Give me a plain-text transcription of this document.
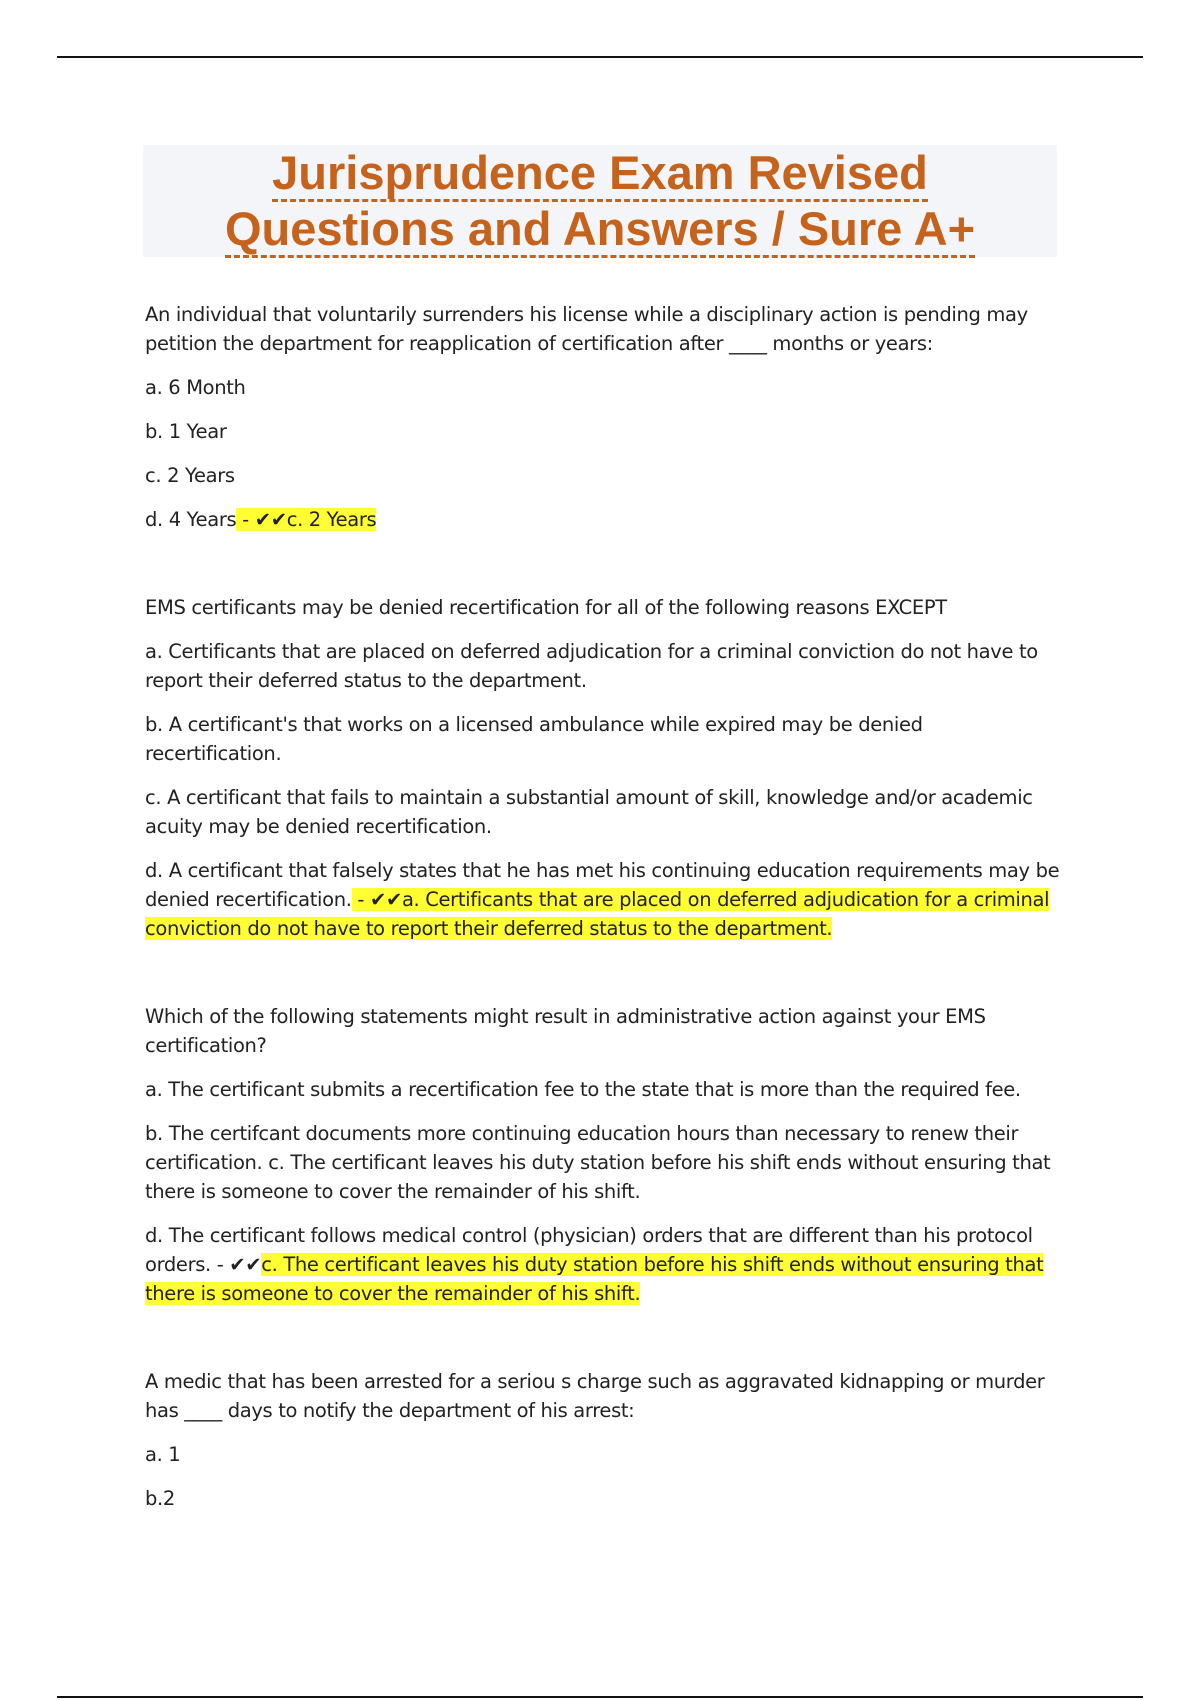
Jurisprudence Exam Revised
Questions and Answers / Sure A+

An individual that voluntarily surrenders his license while a disciplinary action is pending may petition the department for reapplication of certification after ____ months or years:

a. 6 Month

b. 1 Year

c. 2 Years

d. 4 Years - ✔✔c. 2 Years

EMS certificants may be denied recertification for all of the following reasons EXCEPT

a. Certificants that are placed on deferred adjudication for a criminal conviction do not have to report their deferred status to the department.

b. A certificant's that works on a licensed ambulance while expired may be denied recertification.

c. A certificant that fails to maintain a substantial amount of skill, knowledge and/or academic acuity may be denied recertification.

d. A certificant that falsely states that he has met his continuing education requirements may be denied recertification. - ✔✔a. Certificants that are placed on deferred adjudication for a criminal conviction do not have to report their deferred status to the department.

Which of the following statements might result in administrative action against your EMS certification?

a. The certificant submits a recertification fee to the state that is more than the required fee.

b. The certifcant documents more continuing education hours than necessary to renew their certification. c. The certificant leaves his duty station before his shift ends without ensuring that there is someone to cover the remainder of his shift.

d. The certificant follows medical control (physician) orders that are different than his protocol orders. - ✔✔c. The certificant leaves his duty station before his shift ends without ensuring that there is someone to cover the remainder of his shift.

A medic that has been arrested for a seriou s charge such as aggravated kidnapping or murder has ____ days to notify the department of his arrest:

a. 1

b.2
